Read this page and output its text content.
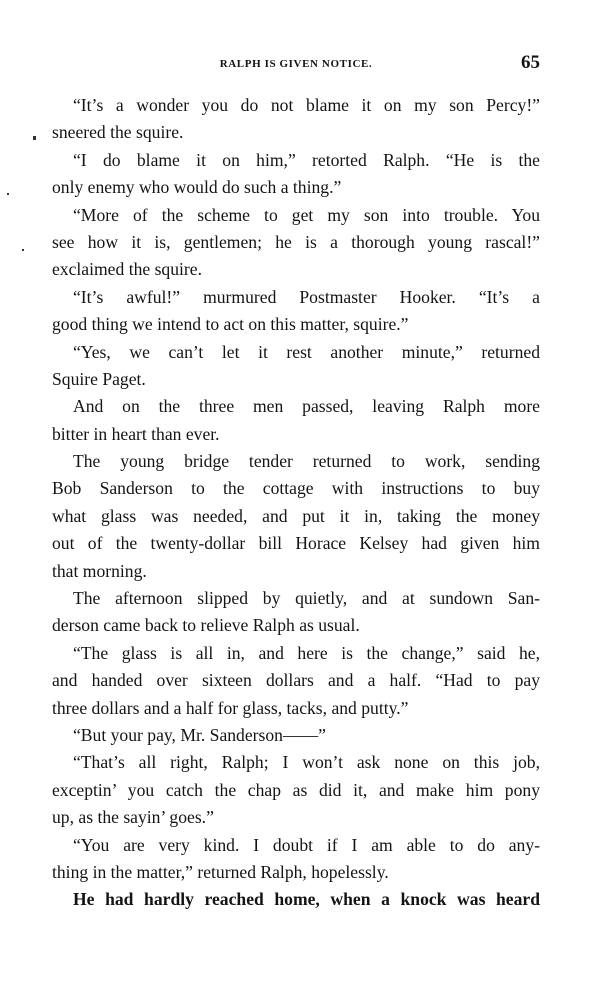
RALPH IS GIVEN NOTICE.	65
“It’s a wonder you do not blame it on my son Percy!”
sneered the squire.
“I do blame it on him,” retorted Ralph. “He is the
only enemy who would do such a thing.”
“More of the scheme to get my son into trouble. You
see how it is, gentlemen; he is a thorough young rascal!”
exclaimed the squire.
“It’s awful!” murmured Postmaster Hooker. “It’s a
good thing we intend to act on this matter, squire.”
“Yes, we can’t let it rest another minute,” returned
Squire Paget.
And on the three men passed, leaving Ralph more
bitter in heart than ever.
The young bridge tender returned to work, sending
Bob Sanderson to the cottage with instructions to buy
what glass was needed, and put it in, taking the money
out of the twenty-dollar bill Horace Kelsey had given him
that morning.
The afternoon slipped by quietly, and at sundown San-
derson came back to relieve Ralph as usual.
“The glass is all in, and here is the change,” said he,
and handed over sixteen dollars and a half. “Had to pay
three dollars and a half for glass, tacks, and putty.”
“But your pay, Mr. Sanderson——”
“That’s all right, Ralph; I won’t ask none on this job,
exceptin’ you catch the chap as did it, and make him pony
up, as the sayin’ goes.”
“You are very kind. I doubt if I am able to do any-
thing in the matter,” returned Ralph, hopelessly.
He had hardly reached home, when a knock was heard
